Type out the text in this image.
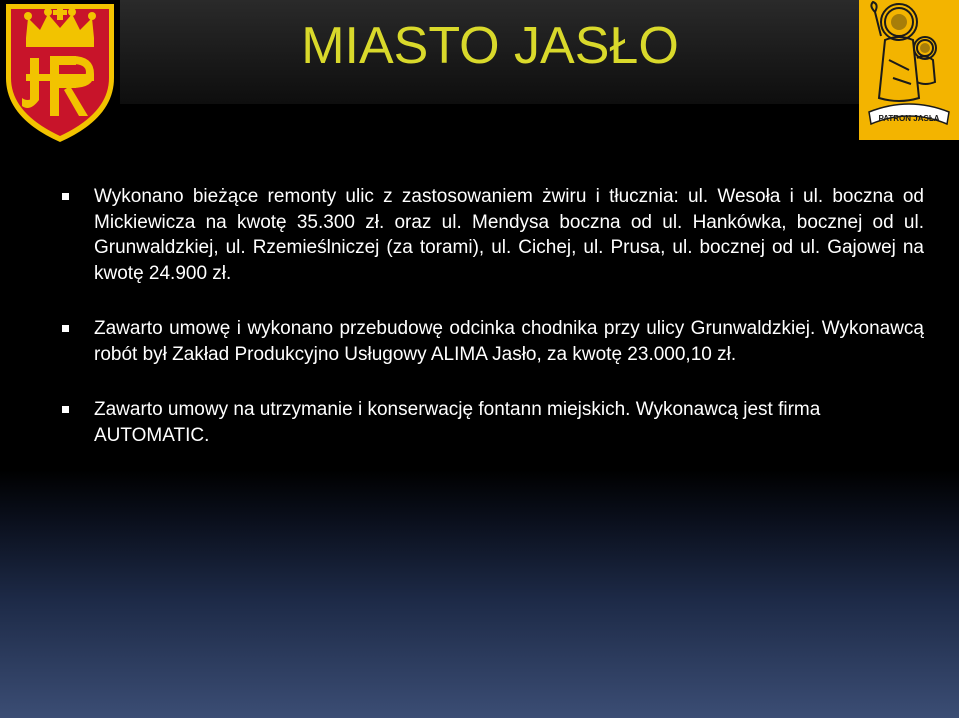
MIASTO JASŁO
PATRON JASŁA
Wykonano bieżące remonty ulic z zastosowaniem żwiru i tłucznia: ul. Wesoła i ul. boczna od Mickiewicza na kwotę 35.300 zł. oraz ul. Mendysa boczna od ul. Hankówka, bocznej od ul. Grunwaldzkiej, ul. Rzemieślniczej (za torami), ul. Cichej, ul. Prusa, ul. bocznej od ul. Gajowej na kwotę 24.900 zł.
Zawarto umowę i wykonano przebudowę odcinka chodnika przy ulicy Grunwaldzkiej. Wykonawcą robót był Zakład Produkcyjno Usługowy ALIMA Jasło, za kwotę 23.000,10 zł.
Zawarto umowy na utrzymanie i konserwację fontann miejskich. Wykonawcą jest firma AUTOMATIC.
